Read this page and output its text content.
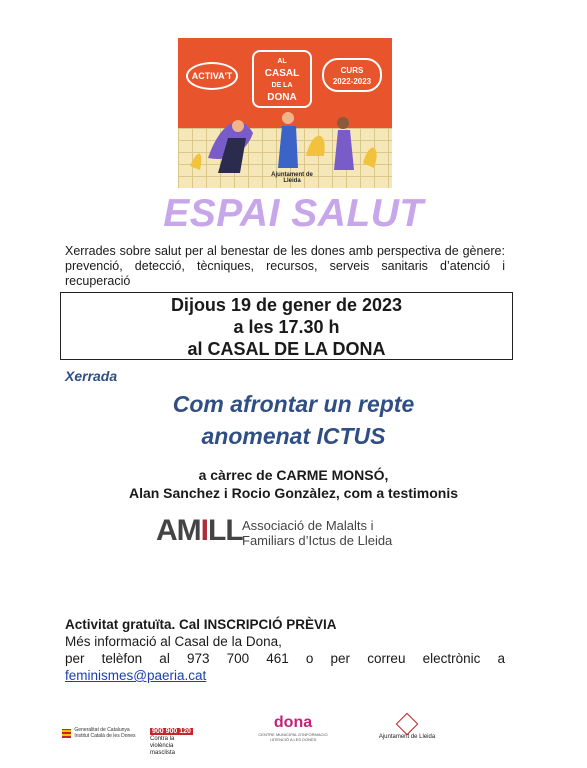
ACTIVA'T
AL
CASAL
DE LA
DONA
CURS
2022-2023
Ajuntament de Lleida
ESPAI SALUT
Xerrades sobre salut per al benestar de les dones amb perspectiva de gènere: prevenció, detecció, tècniques, recursos, serveis sanitaris d’atenció i recuperació
Dijous 19 de gener de 2023
a les 17.30 h
al CASAL DE LA DONA
Xerrada
Com afrontar un repte
anomenat ICTUS
a càrrec de CARME MONSÓ,
Alan Sanchez i Rocio Gonzàlez, com a testimonis
AMILL Associació de Malalts i
Familiars d’Ictus de Lleida
Activitat gratuïta. Cal INSCRIPCIÓ PRÈVIA
Més informació al Casal de la Dona,
per telèfon al 973 700 461 o per correu electrònic a
feminismes@paeria.cat

Generalitat de Catalunya
Institut Català de les Dones
900 900 120
Contra la violència masclista
dona
CENTRE MUNICIPAL D'INFORMACIÓ I ATENCIÓ A LES DONES	Ajuntament de Lleida
